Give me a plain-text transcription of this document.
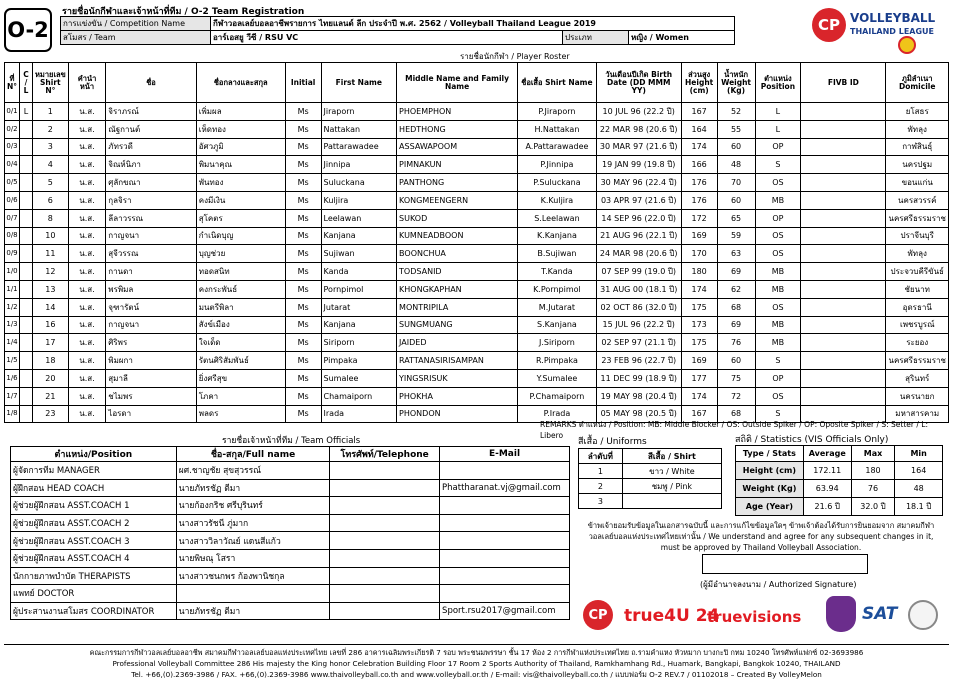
O-2
รายชื่อนักกีฬาและเจ้าหน้าที่ทีม / O-2 Team Registration
การแข่งขัน / Competition Name	กีฬาวอลเลย์บอลอาชีพรายการ ไทยแลนด์ ลีก ประจำปี พ.ศ. 2562 / Volleyball Thailand League 2019		
สโมสร / Team	อาร์เอสยู วีซี / RSU VC	ประเภท	หญิง / Women
CP VOLLEYBALL
THAILAND LEAGUE
รายชื่อนักกีฬา / Player Roster
ที่ N°	C / L	หมายเลข Shirt N°	คำนำหน้า	ชื่อ	ชื่อกลางและสกุล	Initial	First Name	Middle Name and Family Name	ชื่อเสื้อ Shirt Name	วันเดือนปีเกิด Birth Date (DD MMM YY)	ส่วนสูง Height (cm)	น้ำหนัก Weight (Kg)	ตำแหน่ง Position	FIVB ID	ภูมิลำเนา Domicile
0/1	L	1	น.ส.	จิราภรณ์	เพิ่มผล	Ms	Jiraporn	PHOEMPHON	P.Jiraporn	10 JUL 96 (22.2 ปี)	167	52	L		ยโสธร
0/2		2	น.ส.	ณัฐกานต์	เห็ดทอง	Ms	Nattakan	HEDTHONG	H.Nattakan	22 MAR 98 (20.6 ปี)	164	55	L		พัทลุง
0/3		3	น.ส.	ภัทรวดี	อัศวภูมิ	Ms	Pattarawadee	ASSAWAPOOM	A.Pattarawadee	30 MAR 97 (21.6 ปี)	174	60	OP		กาฬสินธุ์
0/4		4	น.ส.	จิณห์นิภา	พิมนาคุณ	Ms	Jinnipa	PIMNAKUN	P.Jinnipa	19 JAN 99 (19.8 ปี)	166	48	S		นครปฐม
0/5		5	น.ส.	ศุลักขณา	พันทอง	Ms	Suluckana	PANTHONG	P.Suluckana	30 MAY 96 (22.4 ปี)	176	70	OS		ขอนแก่น
0/6		6	น.ส.	กุลจิรา	คงมีเงิน	Ms	Kuljira	KONGMEENGERN	K.Kuljira	03 APR 97 (21.6 ปี)	176	60	MB		นครสวรรค์
0/7		8	น.ส.	ลีลาวรรณ	สุโคตร	Ms	Leelawan	SUKOD	S.Leelawan	14 SEP 96 (22.0 ปี)	172	65	OP		นครศรีธรรมราช
0/8		10	น.ส.	กาญจนา	กำเนิดบุญ	Ms	Kanjana	KUMNEADBOON	K.Kanjana	21 AUG 96 (22.1 ปี)	169	59	OS		ปราจีนบุรี
0/9		11	น.ส.	สุจีวรรณ	บุญช่วย	Ms	Sujiwan	BOONCHUA	B.Sujiwan	24 MAR 98 (20.6 ปี)	170	63	OS		พัทลุง
1/0		12	น.ส.	กานดา	ทอดสนิท	Ms	Kanda	TODSANID	T.Kanda	07 SEP 99 (19.0 ปี)	180	69	MB		ประจวบคีรีขันธ์
1/1		13	น.ส.	พรพิมล	คงกระพันธ์	Ms	Pornpimol	KHONGKAPHAN	K.Pornpimol	31 AUG 00 (18.1 ปี)	174	62	MB		ชัยนาท
1/2		14	น.ส.	จุฑารัตน์	มนตรีพิลา	Ms	Jutarat	MONTRIPILA	M.Jutarat	02 OCT 86 (32.0 ปี)	175	68	OS		อุดรธานี
1/3		16	น.ส.	กาญจนา	สังข์เมือง	Ms	Kanjana	SUNGMUANG	S.Kanjana	15 JUL 96 (22.2 ปี)	173	69	MB		เพชรบูรณ์
1/4		17	น.ส.	ศิริพร	ใจเด็ด	Ms	Siriporn	JAIDED	J.Siriporn	02 SEP 97 (21.1 ปี)	175	76	MB		ระยอง
1/5		18	น.ส.	พิมผกา	รัตนศิริสัมพันธ์	Ms	Pimpaka	RATTANASIRISAMPAN	R.Pimpaka	23 FEB 96 (22.7 ปี)	169	60	S		นครศรีธรรมราช
1/6		20	น.ส.	สุมาลี	ยิ่งศรีสุข	Ms	Sumalee	YINGSRISUK	Y.Sumalee	11 DEC 99 (18.9 ปี)	177	75	OP		สุรินทร์
1/7		21	น.ส.	ชไมพร	โภคา	Ms	Chamaiporn	PHOKHA	P.Chamaiporn	19 MAY 98 (20.4 ปี)	174	72	OS		นครนายก
1/8		23	น.ส.	ไอรดา	พลดร	Ms	Irada	PHONDON	P.Irada	05 MAY 98 (20.5 ปี)	167	68	S		มหาสารคาม
REMARKS ตำแหน่ง / Position: MB: Middle Blocker / OS: Outside Spiker / OP: Oposite Spiker / S: Setter / L: Libero
รายชื่อเจ้าหน้าที่ทีม / Team Officials
ตำแหน่ง/Position	ชื่อ-สกุล/Full name	โทรศัพท์/Telephone	E-Mail
ผู้จัดการทีม MANAGER	ผศ.ชาญชัย สุขสุวรรณ์		
ผู้ฝึกสอน HEAD COACH	นายภัทรชัฏ ตีมา		Phattharanat.vj@gmail.com
ผู้ช่วยผู้ฝึกสอน ASST.COACH 1	นายก้องกริช ศรีบุรินทร์		
ผู้ช่วยผู้ฝึกสอน ASST.COACH 2	นางสาวรัชนี ภู่มาก		
ผู้ช่วยผู้ฝึกสอน ASST.COACH 3	นางสาววิลาวัณย์ แดนสีแก้ว		
ผู้ช่วยผู้ฝึกสอน ASST.COACH 4	นายพิษณุ โสรา		
นักกายภาพบำบัด THERAPISTS	นางสาวชนกพร ก้องพานิชกุล		
แพทย์ DOCTOR			
ผู้ประสานงานสโมสร COORDINATOR	นายภัทรชัฏ ตีมา		Sport.rsu2017@gmail.com
สีเสื้อ / Uniforms
ลำดับที่	สีเสื้อ / Shirt
1	ขาว / White
2	ชมพู / Pink
3	
สถิติ / Statistics (VIS Officials Only)
Type / Stats	Average	Max	Min
Height (cm)	172.11	180	164
Weight (Kg)	63.94	76	48
Age (Year)	21.6 ปี	32.0 ปี	18.1 ปี
ข้าพเจ้ายอมรับข้อมูลในเอกสารฉบับนี้ และการแก้ไขข้อมูลใดๆ ข้าพเจ้าต้องได้รับการยินยอมจาก สมาคมกีฬาวอลเลย์บอลแห่งประเทศไทยเท่านั้น / We understand and agree for any subsequent changes in it, must be approved by Thailand Volleyball Association.
(ผู้มีอำนาจลงนาม / Authorized Signature)
CP true4U 24
truevisions	SAT
คณะกรรมการกีฬาวอลเลย์บอลอาชีพ สมาคมกีฬาวอลเลย์บอลแห่งประเทศไทย เลขที่ 286 อาคารเฉลิมพระเกียรติ 7 รอบ พระชนมพรรษา ชั้น 17 ห้อง 2 การกีฬาแห่งประเทศไทย ถ.รามคำแหง หัวหมาก บางกะปิ กทม 10240 โทรศัพท์แฟกซ์ 02-3693986
Professional Volleyball Committee 286 His majesty the King honor Celebration Building Floor 17 Room 2 Sports Authority of Thailand, Ramkhamhang Rd., Huamark, Bangkapi, Bangkok 10240, THAILAND
Tel. +66,(0).2369-3986 / FAX. +66,(0).2369-3986 www.thaivolleyball.co.th and www.volleyball.or.th / E-mail: vis@thaivolleyball.co.th / แบบฟอร์ม O-2 REV.7 / 01102018 – Created By VolleyMelon
